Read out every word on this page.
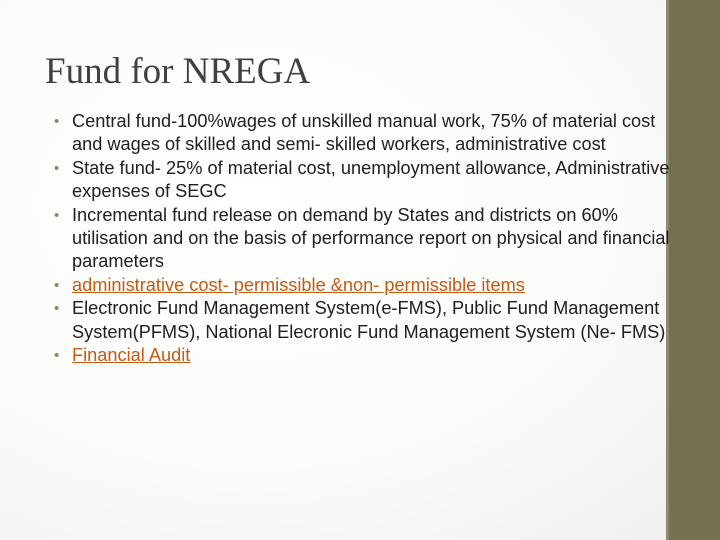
Fund for NREGA
• Central fund-100%wages of unskilled manual work, 75% of material cost and wages of skilled and semi- skilled workers, administrative cost
• State fund- 25% of material cost, unemployment allowance, Administrative expenses of SEGC
• Incremental fund release on demand by States and districts on 60% utilisation and on the basis of performance report on physical and financial parameters
• administrative cost- permissible &non- permissible items
• Electronic Fund Management System(e-FMS), Public Fund Management System(PFMS), National Elecronic Fund Management System (Ne- FMS)
• Financial Audit
